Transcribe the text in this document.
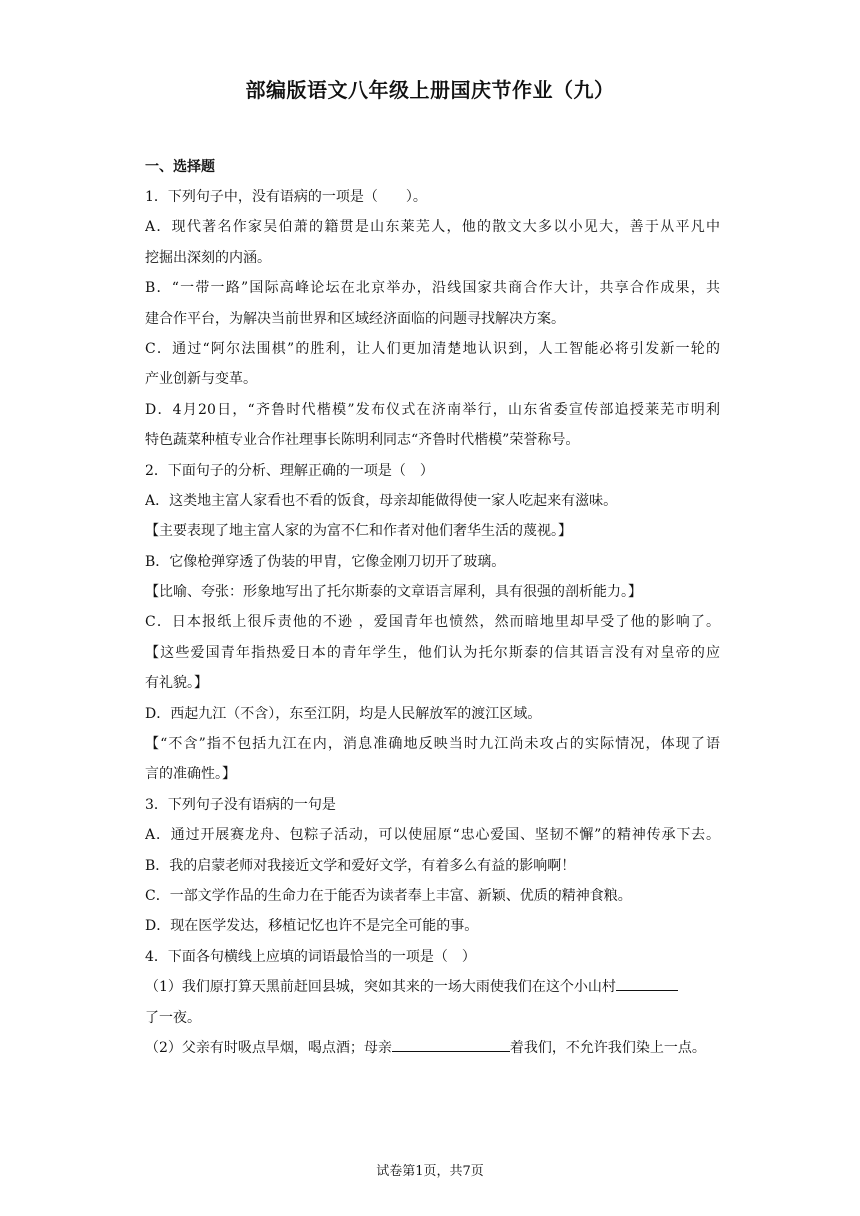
部编版语文八年级上册国庆节作业（九）
一、选择题
1．下列句子中，没有语病的一项是（　　）。
A．现代著名作家吴伯萧的籍贯是山东莱芜人，他的散文大多以小见大，善于从平凡中
挖掘出深刻的内涵。
B．“一带一路”国际高峰论坛在北京举办，沿线国家共商合作大计，共享合作成果，共
建合作平台，为解决当前世界和区域经济面临的问题寻找解决方案。
C．通过“阿尔法围棋”的胜利，让人们更加清楚地认识到，人工智能必将引发新一轮的
产业创新与变革。
D．4月20日，“齐鲁时代楷模”发布仪式在济南举行，山东省委宣传部追授莱芜市明利
特色蔬菜种植专业合作社理事长陈明利同志“齐鲁时代楷模”荣誉称号。
2．下面句子的分析、理解正确的一项是（　）
A．这类地主富人家看也不看的饭食，母亲却能做得使一家人吃起来有滋味。
【主要表现了地主富人家的为富不仁和作者对他们奢华生活的蔑视。】
B．它像枪弹穿透了伪装的甲胄，它像金刚刀切开了玻璃。
【比喻、夸张：形象地写出了托尔斯泰的文章语言犀利，具有很强的剖析能力。】
C．日本报纸上很斥责他的不逊 ，爱国青年也愤然，然而暗地里却早受了他的影响了。
【这些爱国青年指热爱日本的青年学生，他们认为托尔斯泰的信其语言没有对皇帝的应
有礼貌。】
D．西起九江（不含），东至江阴，均是人民解放军的渡江区域。
【“不含”指不包括九江在内，消息准确地反映当时九江尚未攻占的实际情况，体现了语
言的准确性。】
3．下列句子没有语病的一句是
A．通过开展赛龙舟、包粽子活动，可以使屈原“忠心爱国、坚韧不懈”的精神传承下去。
B．我的启蒙老师对我接近文学和爱好文学，有着多么有益的影响啊！
C．一部文学作品的生命力在于能否为读者奉上丰富、新颖、优质的精神食粮。
D．现在医学发达，移植记忆也许不是完全可能的事。
4．下面各句横线上应填的词语最恰当的一项是（　）
（1）我们原打算天黑前赶回县城，突如其来的一场大雨使我们在这个小山村
了一夜。
（2）父亲有时吸点旱烟，喝点酒；母亲	着我们，不允许我们染上一点。
试卷第1页，共7页
